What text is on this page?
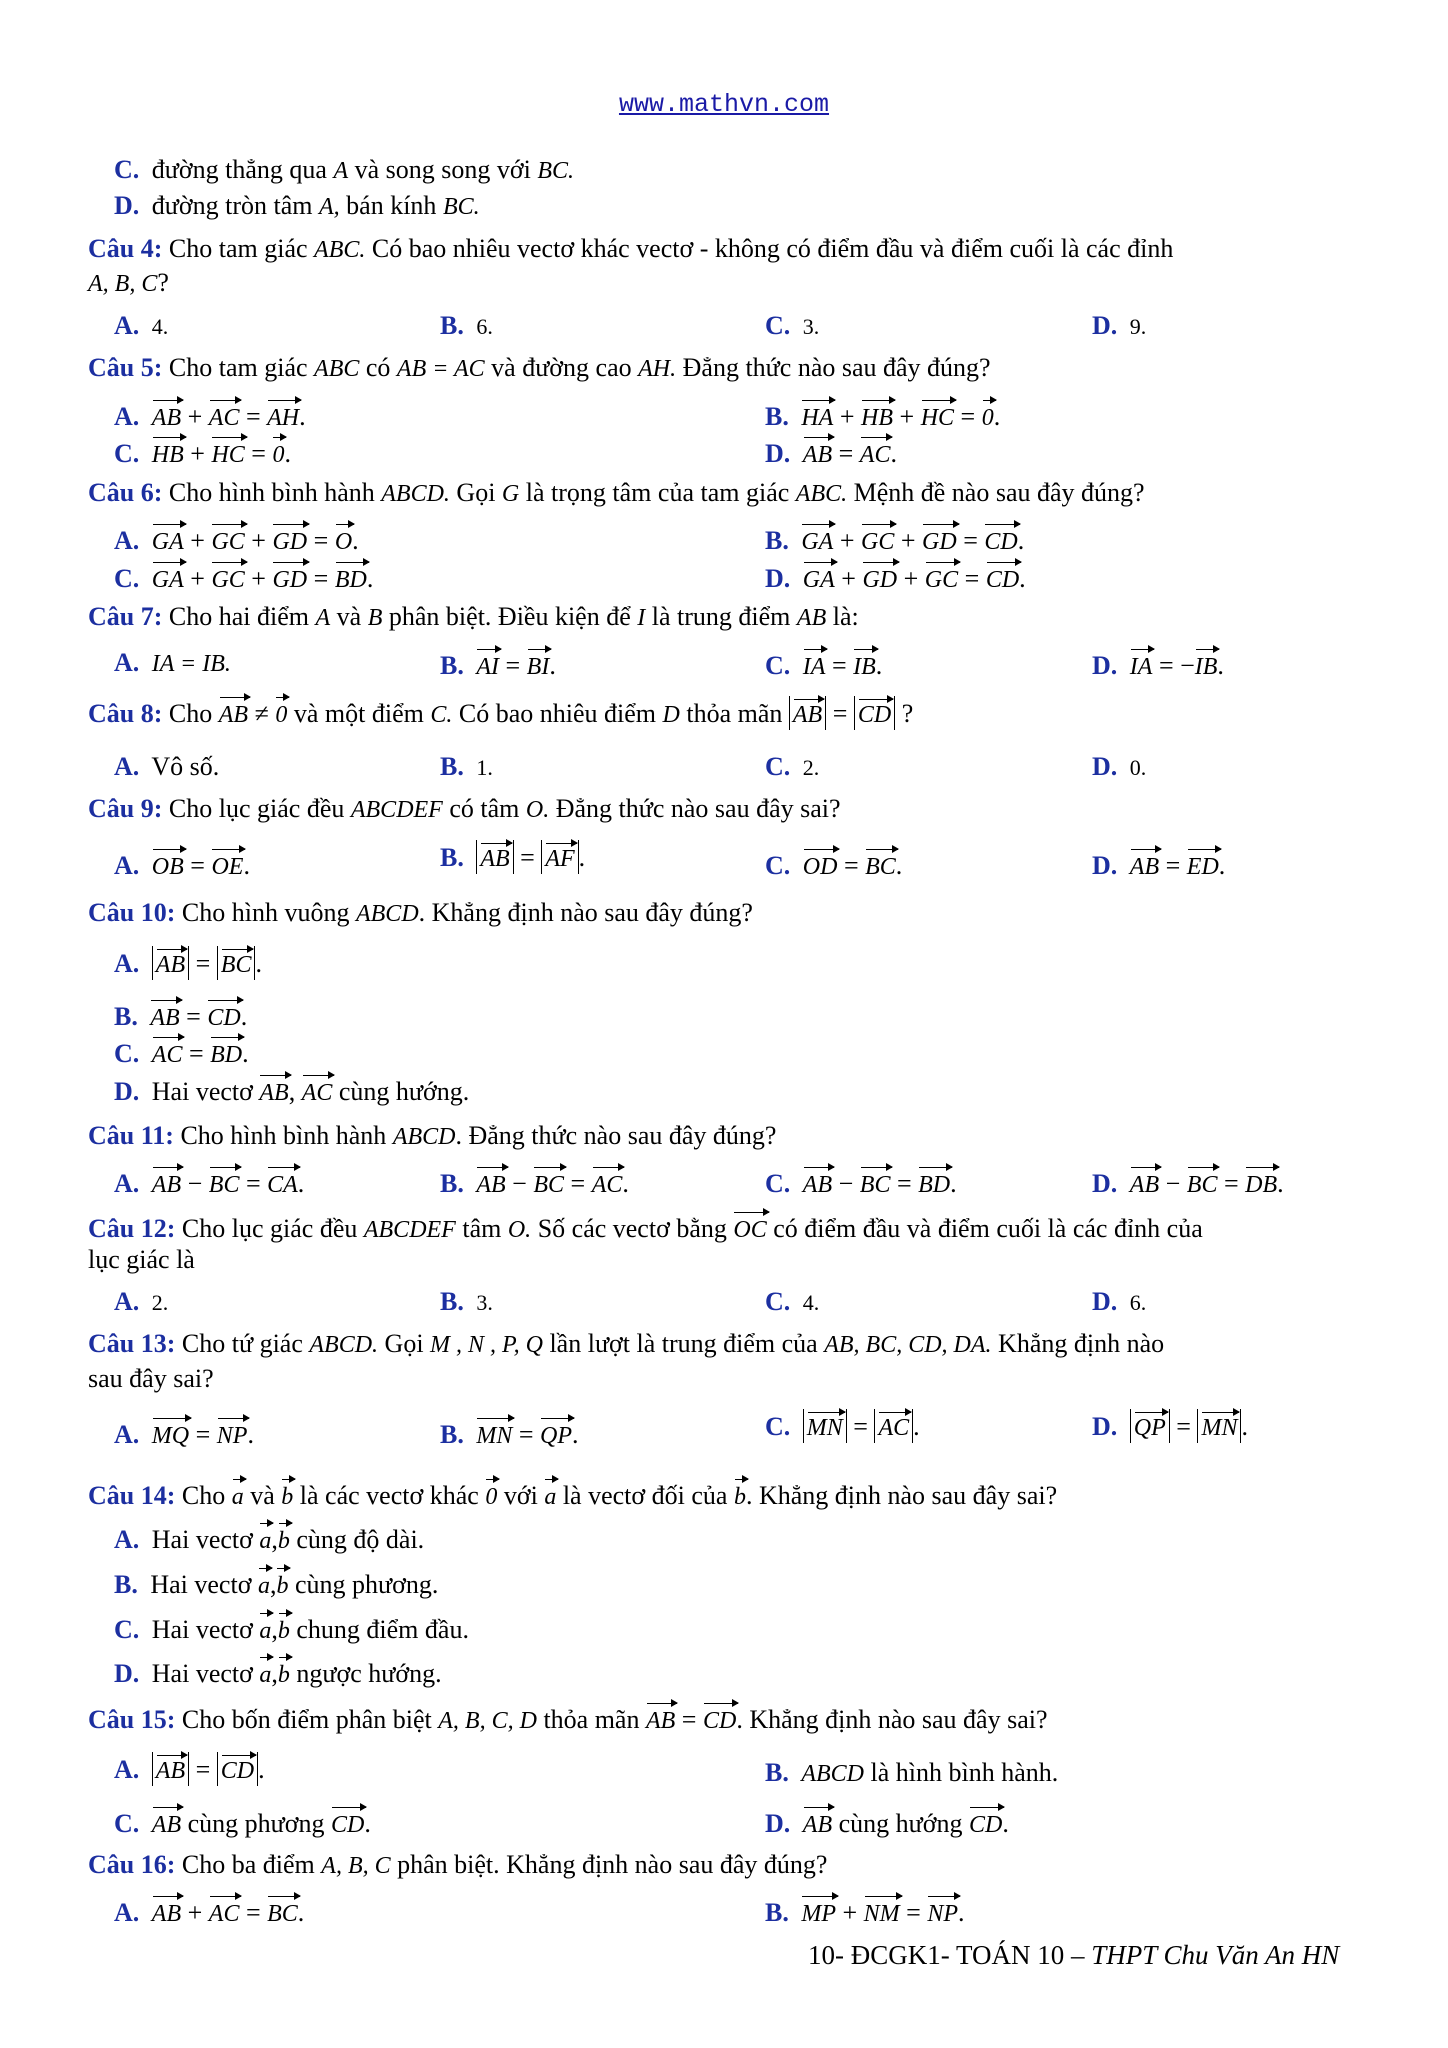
www.mathvn.com
C. đường thẳng qua A và song song với BC.
D. đường tròn tâm A, bán kính BC.
Câu 4: Cho tam giác ABC. Có bao nhiêu vectơ khác vectơ - không có điểm đầu và điểm cuối là các đỉnh
A, B, C?
A. 4.	B. 6.	C. 3.	D. 9.
Câu 5: Cho tam giác ABC có AB = AC và đường cao AH. Đẳng thức nào sau đây đúng?
A. AB + AC = AH.	B. HA + HB + HC = 0.
C. HB + HC = 0.	D. AB = AC.
Câu 6: Cho hình bình hành ABCD. Gọi G là trọng tâm của tam giác ABC. Mệnh đề nào sau đây đúng?
A. GA + GC + GD = O.	B. GA + GC + GD = CD.
C. GA + GC + GD = BD.	D. GA + GD + GC = CD.
Câu 7: Cho hai điểm A và B phân biệt. Điều kiện để I là trung điểm AB là:
A. IA = IB.	B. AI = BI.	C. IA = IB.	D. IA = −IB.
Câu 8: Cho AB ≠ 0 và một điểm C. Có bao nhiêu điểm D thỏa mãn AB = CD ?
A. Vô số.	B. 1.	C. 2.	D. 0.
Câu 9: Cho lục giác đều ABCDEF có tâm O. Đẳng thức nào sau đây sai?
A. OB = OE.	B. AB = AF .	C. OD = BC.	D. AB = ED.
Câu 10: Cho hình vuông ABCD. Khẳng định nào sau đây đúng?
A. AB = BC .
B. AB = CD.
C. AC = BD.
D. Hai vectơ AB, AC cùng hướng.
Câu 11: Cho hình bình hành ABCD. Đẳng thức nào sau đây đúng?
A. AB − BC = CA.	B. AB − BC = AC.	C. AB − BC = BD.	D. AB − BC = DB.
Câu 12: Cho lục giác đều ABCDEF tâm O. Số các vectơ bằng OC có điểm đầu và điểm cuối là các đỉnh của
lục giác là
A. 2.	B. 3.	C. 4.	D. 6.
Câu 13: Cho tứ giác ABCD. Gọi M , N , P, Q lần lượt là trung điểm của AB, BC, CD, DA. Khẳng định nào
sau đây sai?
A. MQ = NP.	B. MN = QP.	C. MN = AC .	D. QP = MN .
Câu 14: Cho a và b là các vectơ khác 0 với a là vectơ đối của b. Khẳng định nào sau đây sai?
A. Hai vectơ a,b cùng độ dài.
B. Hai vectơ a,b cùng phương.
C. Hai vectơ a,b chung điểm đầu.
D. Hai vectơ a,b ngược hướng.
Câu 15: Cho bốn điểm phân biệt A, B, C, D thỏa mãn AB = CD. Khẳng định nào sau đây sai?
A. AB = CD .	B. ABCD là hình bình hành.
C. AB cùng phương CD.	D. AB cùng hướng CD.
Câu 16: Cho ba điểm A, B, C phân biệt. Khẳng định nào sau đây đúng?
A. AB + AC = BC.	B. MP + NM = NP.
10- ĐCGK1- TOÁN 10 – THPT Chu Văn An HN
